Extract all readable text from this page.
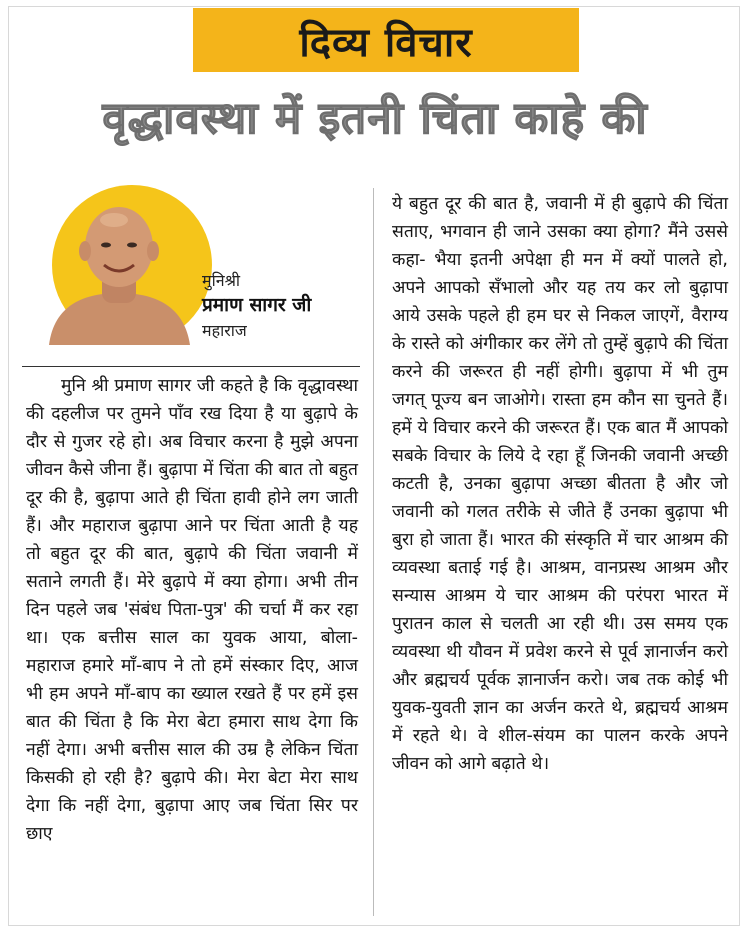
दिव्य विचार
वृद्धावस्था में इतनी चिंता काहे की
मुनिश्री
प्रमाण सागर जी
महाराज
मुनि श्री प्रमाण सागर जी कहते है कि वृद्धावस्था की दहलीज पर तुमने पाँव रख दिया है या बुढ़ापे के दौर से गुजर रहे हो। अब विचार करना है मुझे अपना जीवन कैसे जीना हैं। बुढ़ापा में चिंता की बात तो बहुत दूर की है, बुढ़ापा आते ही चिंता हावी होने लग जाती हैं। और महाराज बुढ़ापा आने पर चिंता आती है यह तो बहुत दूर की बात, बुढ़ापे की चिंता जवानी में सताने लगती हैं। मेरे बुढ़ापे में क्या होगा। अभी तीन दिन पहले जब 'संबंध पिता-पुत्र' की चर्चा मैं कर रहा था। एक बत्तीस साल का युवक आया, बोला- महाराज हमारे माँ-बाप ने तो हमें संस्कार दिए, आज भी हम अपने माँ-बाप का ख्याल रखते हैं पर हमें इस बात की चिंता है कि मेरा बेटा हमारा साथ देगा कि नहीं देगा। अभी बत्तीस साल की उम्र है लेकिन चिंता किसकी हो रही है? बुढ़ापे की। मेरा बेटा मेरा साथ देगा कि नहीं देगा, बुढ़ापा आए जब चिंता सिर पर छाए
ये बहुत दूर की बात है, जवानी में ही बुढ़ापे की चिंता सताए, भगवान ही जाने उसका क्या होगा? मैंने उससे कहा- भैया इतनी अपेक्षा ही मन में क्यों पालते हो, अपने आपको सँभालो और यह तय कर लो बुढ़ापा आये उसके पहले ही हम घर से निकल जाएगें, वैराग्य के रास्ते को अंगीकार कर लेंगे तो तुम्हें बुढ़ापे की चिंता करने की जरूरत ही नहीं होगी। बुढ़ापा में भी तुम जगत् पूज्य बन जाओगे। रास्ता हम कौन सा चुनते हैं। हमें ये विचार करने की जरूरत हैं। एक बात मैं आपको सबके विचार के लिये दे रहा हूँ जिनकी जवानी अच्छी कटती है, उनका बुढ़ापा अच्छा बीतता है और जो जवानी को गलत तरीके से जीते हैं उनका बुढ़ापा भी बुरा हो जाता हैं। भारत की संस्कृति में चार आश्रम की व्यवस्था बताई गई है। आश्रम, वानप्रस्थ आश्रम और सन्यास आश्रम ये चार आश्रम की परंपरा भारत में पुरातन काल से चलती आ रही थी। उस समय एक व्यवस्था थी यौवन में प्रवेश करने से पूर्व ज्ञानार्जन करो और ब्रह्मचर्य पूर्वक ज्ञानार्जन करो। जब तक कोई भी युवक-युवती ज्ञान का अर्जन करते थे, ब्रह्मचर्य आश्रम में रहते थे। वे शील-संयम का पालन करके अपने जीवन को आगे बढ़ाते थे।
